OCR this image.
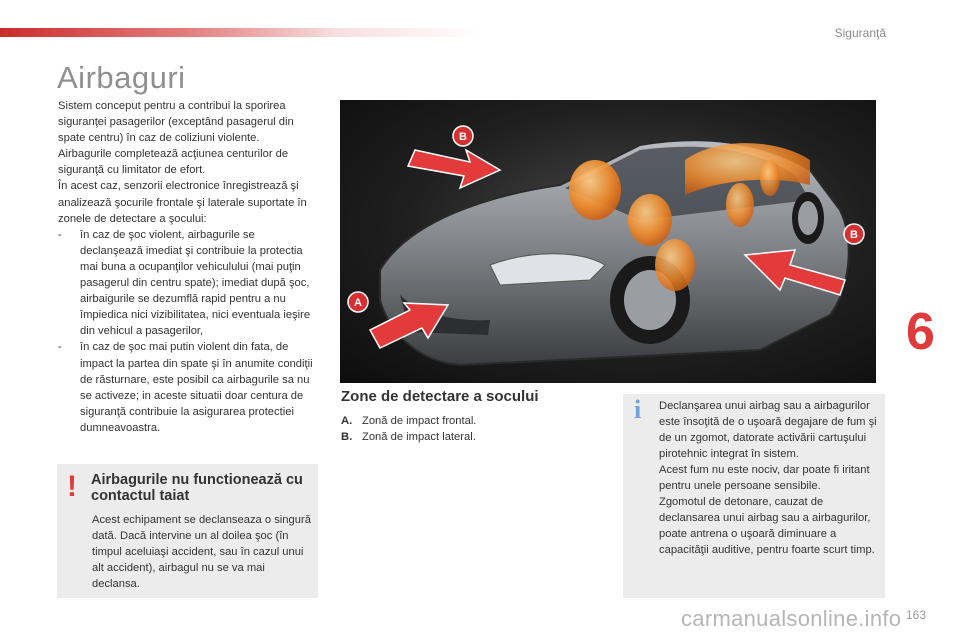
Siguranţă
Airbaguri

Sistem conceput pentru a contribui la sporirea siguranţei pasagerilor (exceptând pasagerul din spate centru) în caz de coliziuni violente.

Airbagurile completează acţiunea centurilor de siguranţă cu limitator de efort.

În acest caz, senzorii electronice înregistrează şi analizează şocurile frontale şi laterale suportate în zonele de detectare a şocului:

- în caz de şoc violent, airbagurile se declanşează imediat şi contribuie la protectia mai buna a ocupanţilor vehiculului (mai puţin pasagerul din centru spate); imediat după şoc, airbaigurile se dezumflă rapid pentru a nu împiedica nici vizibilitatea, nici eventuala ieşire din vehicul a pasagerilor,
- în caz de şoc mai putin violent din fata, de impact la partea din spate şi în anumite condiţii de răsturnare, este posibil ca airbagurile sa nu se activeze; in aceste situatii doar centura de siguranţă contribuie la asigurarea protectiei dumneavoastra.
! Airbagurile nu functionează cu contactul taiat
Acest echipament se declanseaza o singură dată. Dacă intervine un al doilea şoc (în timpul aceluiaşi accident, sau în cazul unui alt accident), airbagul nu se va mai declansa.
B
B
A
Zone de detectare a socului
A. Zonă de impact frontal.
B. Zonă de impact lateral.
i Declanşarea unui airbag sau a airbagurilor este însoţită de o uşoară degajare de fum şi de un zgomot, datorate activării cartuşului pirotehnic integrat în sistem.

Acest fum nu este nociv, dar poate fi iritant pentru unele persoane sensibile.

Zgomotul de detonare, cauzat de declansarea unui airbag sau a airbagurilor, poate antrena o uşoară diminuare a capacităţii auditive, pentru foarte scurt timp.

6
carmanualsonline.info 163
